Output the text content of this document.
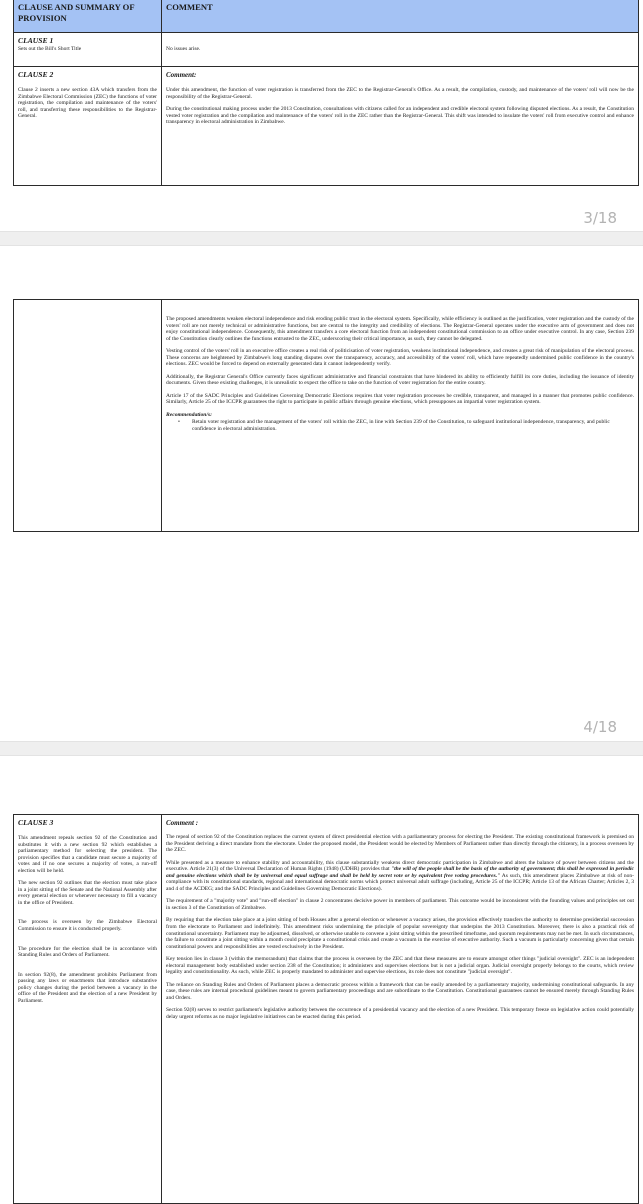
CLAUSE AND SUMMARY OF PROVISION
COMMENT
CLAUSE 1

Sets out the Bill's Short Title	No issues arise.

CLAUSE 2

Clause 2 inserts a new section 43A which transfers from the Zimbabwe Electoral Commission (ZEC) the functions of voter registration, the compilation and maintenance of the voters' roll, and transferring these responsibilities to the Registrar-General.

Comment:

Under this amendment, the function of voter registration is transferred from the ZEC to the Registrar-General's Office. As a result, the compilation, custody, and maintenance of the voters' roll will now be the responsibility of the Registrar-General.

During the constitutional making process under the 2013 Constitution, consultations with citizens called for an independent and credible electoral system following disputed elections. As a result, the Constitution vested voter registration and the compilation and maintenance of the voters' roll in the ZEC rather than the Registrar-General. This shift was intended to insulate the voters' roll from executive control and enhance transparency in electoral administration in Zimbabwe.

3/18

The proposed amendments weaken electoral independence and risk eroding public trust in the electoral system. Specifically, while efficiency is outlined as the justification, voter registration and the custody of the voters' roll are not merely technical or administrative functions, but are central to the integrity and credibility of elections. The Registrar-General operates under the executive arm of government and does not enjoy constitutional independence. Consequently, this amendment transfers a core electoral function from an independent constitutional commission to an office under executive control. In any case, Section 239 of the Constitution clearly outlines the functions entrusted to the ZEC, underscoring their critical importance, as such, they cannot be delegated.

Vesting control of the voters' roll in an executive office creates a real risk of politicisation of voter registration, weakens institutional independence, and creates a great risk of manipulation of the electoral process. These concerns are heightened by Zimbabwe's long standing disputes over the transparency, accuracy, and accessibility of the voters' roll, which have repeatedly undermined public confidence in the country's elections. ZEC would be forced to depend on externally generated data it cannot independently verify.

Additionally, the Registrar General's Office currently faces significant administrative and financial constraints that have hindered its ability to efficiently fulfill its core duties, including the issuance of identity documents. Given these existing challenges, it is unrealistic to expect the office to take on the function of voter registration for the entire country.

Article 17 of the SADC Principles and Guidelines Governing Democratic Elections requires that voter registration processes be credible, transparent, and managed in a manner that promotes public confidence. Similarly, Article 25 of the ICCPR guarantees the right to participate in public affairs through genuine elections, which presupposes an impartial voter registration system.

Recommendation/s:
•	Retain voter registration and the management of the voters' roll within the ZEC, in line with Section 239 of the Constitution, to safeguard institutional independence, transparency, and public confidence in electoral administration.
4/18
CLAUSE 3

This amendment repeals section 92 of the Constitution and substitutes it with a new section 92 which establishes a parliamentary method for selecting the president. The provision specifies that a candidate must secure a majority of votes and if no one secures a majority of votes, a run-off election will be held.

The new section 92 outlines that the election must take place in a joint sitting of the Senate and the National Assembly after every general election or whenever necessary to fill a vacancy in the office of President.

The process is overseen by the Zimbabwe Electoral Commission to ensure it is conducted properly.

The procedure for the election shall be in accordance with Standing Rules and Orders of Parliament.

In section 92(8), the amendment prohibits Parliament from passing any laws or enactments that introduce substantive policy changes during the period between a vacancy in the office of the President and the election of a new President by Parliament.

Comment :

The repeal of section 92 of the Constitution replaces the current system of direct presidential election with a parliamentary process for electing the President. The existing constitutional framework is premised on the President deriving a direct mandate from the electorate. Under the proposed model, the President would be elected by Members of Parliament rather than directly through the citizenry, in a process overseen by the ZEC.

While presented as a measure to enhance stability and accountability, this clause substantially weakens direct democratic participation in Zimbabwe and alters the balance of power between citizens and the executive. Article 21(3) of the Universal Declaration of Human Rights (1948) (UDHR) provides that "the will of the people shall be the basis of the authority of government; this shall be expressed in periodic and genuine elections which shall be by universal and equal suffrage and shall be held by secret vote or by equivalent free voting procedures." As such, this amendment places Zimbabwe at risk of non-compliance with its constitutional standards, regional and international democratic norms which protect universal adult suffrage (including, Article 25 of the ICCPR; Article 13 of the African Charter; Articles 2, 3 and 4 of the ACDEG; and the SADC Principles and Guidelines Governing Democratic Elections).

The requirement of a "majority vote" and "run-off election" in clause 2 concentrates decisive power in members of parliament. This outcome would be inconsistent with the founding values and principles set out in section 3 of the Constitution of Zimbabwe.

By requiring that the election take place at a joint sitting of both Houses after a general election or whenever a vacancy arises, the provision effectively transfers the authority to determine presidential succession from the electorate to Parliament and indefinitely. This amendment risks undermining the principle of popular sovereignty that underpins the 2013 Constitution. Moreover, there is also a practical risk of constitutional uncertainty. Parliament may be adjourned, dissolved, or otherwise unable to convene a joint sitting within the prescribed timeframe, and quorum requirements may not be met. In such circumstances, the failure to constitute a joint sitting within a month could precipitate a constitutional crisis and create a vacuum in the exercise of executive authority. Such a vacuum is particularly concerning given that certain constitutional powers and responsibilities are vested exclusively in the President.

Key tension lies in clause 3 (within the memorandum) that claims that the process is overseen by the ZEC and that these measures are to ensure amongst other things "judicial oversight". ZEC is an independent electoral management body established under section 238 of the Constitution; it administers and supervises elections but is not a judicial organ. Judicial oversight properly belongs to the courts, which review legality and constitutionality. As such, while ZEC is properly mandated to administer and supervise elections, its role does not constitute "judicial oversight".

The reliance on Standing Rules and Orders of Parliament places a democratic process within a framework that can be easily amended by a parliamentary majority, undermining constitutional safeguards. In any case, these rules are internal procedural guidelines meant to govern parliamentary proceedings and are subordinate to the Constitution. Constitutional guarantees cannot be ensured merely through Standing Rules and Orders.

Section 92(8) serves to restrict parliament's legislative authority between the occurrence of a presidential vacancy and the election of a new President. This temporary freeze on legislative action could potentially delay urgent reforms as no major legislative initiatives can be enacted during this period.
